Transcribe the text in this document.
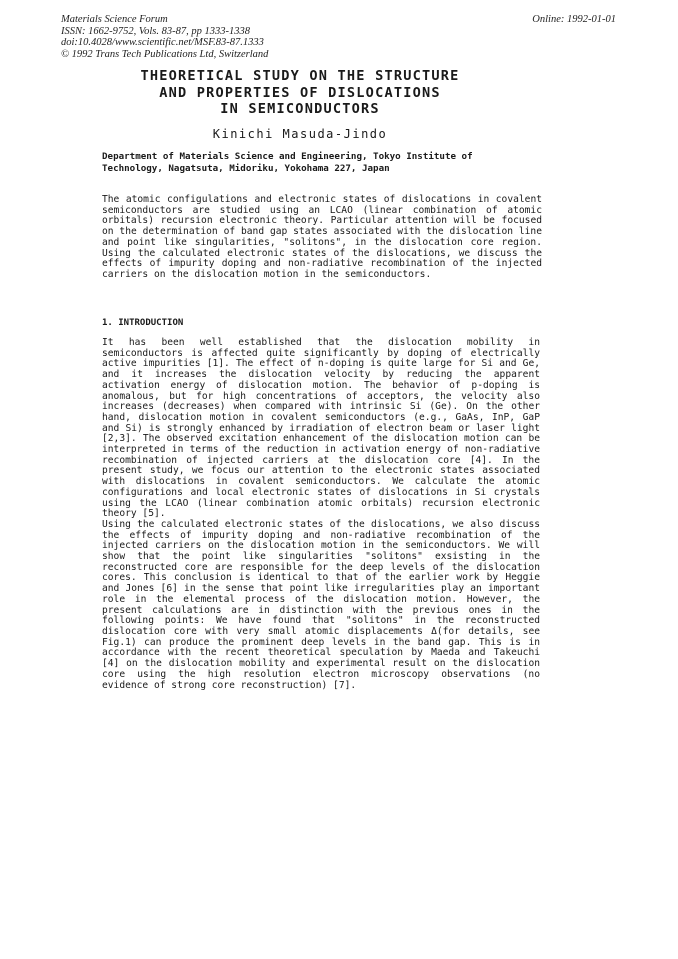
Materials Science Forum
ISSN: 1662-9752, Vols. 83-87, pp 1333-1338
doi:10.4028/www.scientific.net/MSF.83-87.1333
© 1992 Trans Tech Publications Ltd, Switzerland
Online: 1992-01-01
THEORETICAL STUDY ON THE STRUCTURE
AND PROPERTIES OF DISLOCATIONS
IN SEMICONDUCTORS
Kinichi Masuda-Jindo
Department of Materials Science and Engineering, Tokyo Institute of
Technology, Nagatsuta, Midoriku, Yokohama 227, Japan
The atomic configulations and electronic states of dislocations in covalent semiconductors are studied using an LCAO (linear combination of atomic orbitals) recursion electronic theory. Particular attention will be focused on the determination of band gap states associated with the dislocation line and point like singularities, "solitons", in the dislocation core region. Using the calculated electronic states of the dislocations, we discuss the effects of impurity doping and non-radiative recombination of the injected carriers on the dislocation motion in the semiconductors.
1. INTRODUCTION

It has been well established that the dislocation mobility in semiconductors is affected quite significantly by doping of electrically active impurities [1]. The effect of n-doping is quite large for Si and Ge, and it increases the dislocation velocity by reducing the apparent activation energy of dislocation motion. The behavior of p-doping is anomalous, but for high concentrations of acceptors, the velocity also increases (decreases) when compared with intrinsic Si (Ge). On the other hand, dislocation motion in covalent semiconductors (e.g., GaAs, InP, GaP and Si) is strongly enhanced by irradiation of electron beam or laser light [2,3]. The observed excitation enhancement of the dislocation motion can be interpreted in terms of the reduction in activation energy of non-radiative recombination of injected carriers at the dislocation core [4]. In the present study, we focus our attention to the electronic states associated with dislocations in covalent semiconductors. We calculate the atomic configurations and local electronic states of dislocations in Si crystals using the LCAO (linear combination atomic orbitals) recursion electronic theory [5].

Using the calculated electronic states of the dislocations, we also discuss the effects of impurity doping and non-radiative recombination of the injected carriers on the dislocation motion in the semiconductors. We will show that the point like singularities "solitons" exsisting in the reconstructed core are responsible for the deep levels of the dislocation cores. This conclusion is identical to that of the earlier work by Heggie and Jones [6] in the sense that point like irregularities play an important role in the elemental process of the dislocation motion. However, the present calculations are in distinction with the previous ones in the following points: We have found that "solitons" in the reconstructed dislocation core with very small atomic displacements Δ(for details, see Fig.1) can produce the prominent deep levels in the band gap. This is in accordance with the recent theoretical speculation by Maeda and Takeuchi [4] on the dislocation mobility and experimental result on the dislocation core using the high resolution electron microscopy observations (no evidence of strong core reconstruction) [7].
